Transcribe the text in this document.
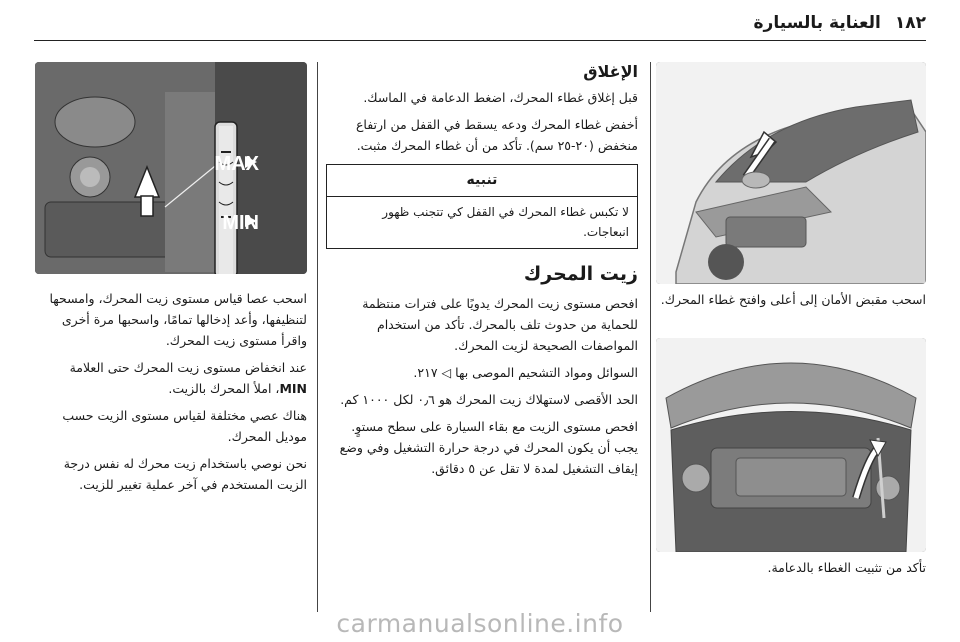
١٨٢
العناية بالسيارة

اسحب مقبض الأمان إلى أعلى وافتح غطاء المحرك.

تأكد من تثبيت الغطاء بالدعامة.

الإغلاق

قبل إغلاق غطاء المحرك، اضغط الدعامة في الماسك.

أخفض غطاء المحرك ودعه يسقط في القفل من ارتفاع منخفض (٢٠-٢٥ سم). تأكد من أن غطاء المحرك مثبت.

تنبيه
لا تكبس غطاء المحرك في القفل كي تتجنب ظهور انبعاجات.
زيت المحرك

افحص مستوى زيت المحرك يدويًا على فترات منتظمة للحماية من حدوث تلف بالمحرك. تأكد من استخدام المواصفات الصحيحة لزيت المحرك.

السوائل ومواد التشحيم الموصى بها ◁ ٢١٧.

الحد الأقصى لاستهلاك زيت المحرك هو ٠٫٦ لكل ١٠٠٠ كم.

افحص مستوى الزيت مع بقاء السيارة على سطح مستوٍ. يجب أن يكون المحرك في درجة حرارة التشغيل وفي وضع إيقاف التشغيل لمدة لا تقل عن ٥ دقائق.

MAX
MIN

اسحب عصا قياس مستوى زيت المحرك، وامسحها لتنظيفها، وأعد إدخالها تمامًا، واسحبها مرة أخرى واقرأ مستوى زيت المحرك.

عند انخفاض مستوى زيت المحرك حتى العلامة MIN، املأ المحرك بالزيت.

هناك عصي مختلفة لقياس مستوى الزيت حسب موديل المحرك.

نحن نوصي باستخدام زيت محرك له نفس درجة الزيت المستخدم في آخر عملية تغيير للزيت.

carmanualsonline.info
